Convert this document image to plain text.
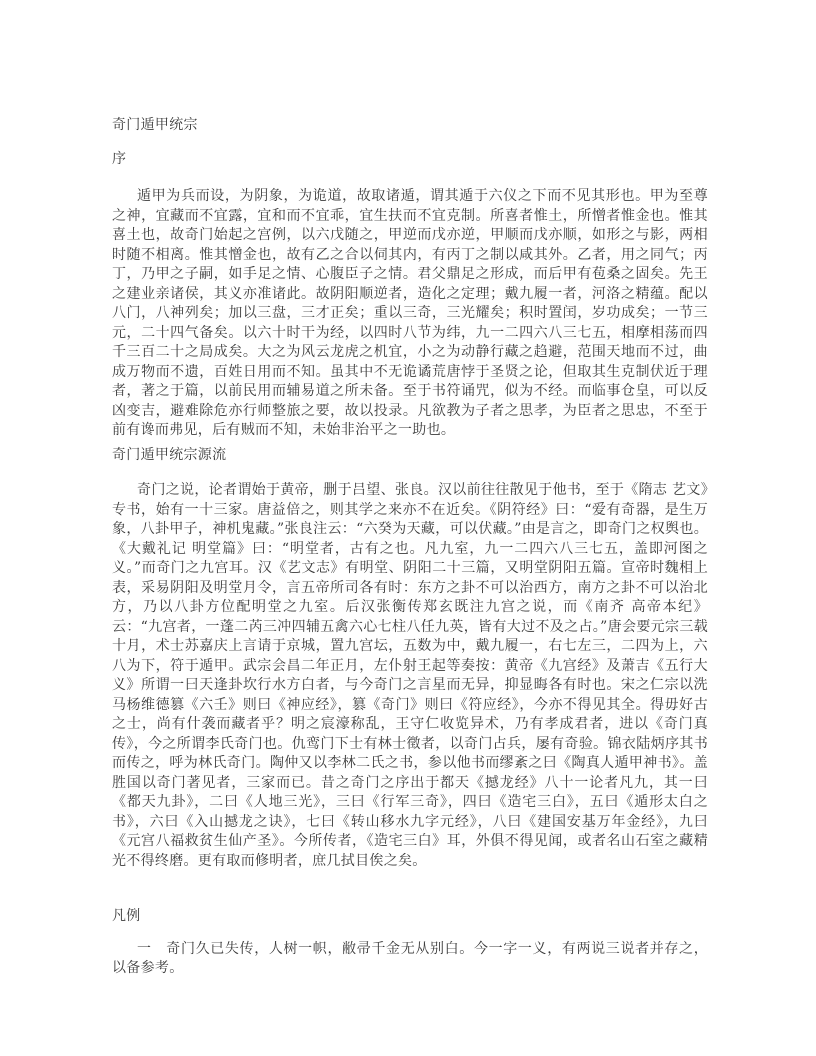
奇门遁甲统宗
序

遁甲为兵而设，为阴象，为诡道，故取诸遁，谓其遁于六仪之下而不见其形也。甲为至尊之神，宜藏而不宜露，宜和而不宜乖，宜生扶而不宜克制。所喜者惟土，所憎者惟金也。惟其喜土也，故奇门始起之宫例，以六戊随之，甲逆而戊亦逆，甲顺而戊亦顺，如形之与影，两相时随不相离。惟其憎金也，故有乙之合以伺其内，有丙丁之制以咸其外。乙者，用之同气；丙丁，乃甲之子嗣，如手足之情、心腹臣子之情。君父鼎足之形成，而后甲有苞桑之固矣。先王之建业亲诸侯，其义亦准诸此。故阴阳顺逆者，造化之定理；戴九履一者，河洛之精蕴。配以八门，八神列矣；加以三盘，三才正矣；重以三奇，三光耀矣；积时置闰，岁功成矣；一节三元，二十四气备矣。以六十时干为经，以四时八节为纬，九一二四六八三七五，相摩相荡而四千三百二十之局成矣。大之为风云龙虎之机宜，小之为动静行藏之趋避，范围天地而不过，曲成万物而不遗，百姓日用而不知。虽其中不无诡谲荒唐悖于圣贤之论，但取其生克制伏近于理者，著之于篇，以前民用而辅易道之所未备。至于书符诵咒，似为不经。而临事仓皇，可以反凶变吉，避难除危亦行师整旅之要，故以投录。凡欲教为子者之思孝，为臣者之思忠，不至于前有谗而弗见，后有贼而不知，未始非治平之一助也。

奇门遁甲统宗源流

奇门之说，论者谓始于黄帝，删于吕望、张良。汉以前往往散见于他书，至于《隋志 艺文》专书，始有一十三家。唐益倍之，则其学之来亦不在近矣。《阴符经》曰：“爱有奇器，是生万象，八卦甲子，神机鬼藏。”张良注云：“六癸为天藏，可以伏藏。”由是言之，即奇门之权舆也。《大戴礼记 明堂篇》曰：“明堂者，古有之也。凡九室，九一二四六八三七五，盖即河图之义。”而奇门之九宫耳。汉《艺文志》有明堂、阴阳二十三篇，又明堂阴阳五篇。宣帝时魏相上表，采易阴阳及明堂月令，言五帝所司各有时：东方之卦不可以治西方，南方之卦不可以治北方，乃以八卦方位配明堂之九室。后汉张衡传郑玄既注九宫之说，而《南齐 高帝本纪》云：“九宫者，一蓬二芮三冲四辅五禽六心七柱八任九英，皆有大过不及之占。”唐会要元宗三载十月，术士苏嘉庆上言请于京城，置九宫坛，五数为中，戴九履一，右七左三，二四为上，六八为下，符于遁甲。武宗会昌二年正月，左仆射王起等奏按：黄帝《九宫经》及萧吉《五行大义》所谓一曰天逢卦坎行水方白者，与今奇门之言星而无异，抑显晦各有时也。宋之仁宗以洗马杨维德篡《六壬》则曰《神应经》，篡《奇门》则曰《符应经》，今亦不得见其全。得毋好古之士，尚有什袭而藏者乎？明之宸濠称乱，王守仁收览异术，乃有孝成君者，进以《奇门真传》，今之所谓李氏奇门也。仇鸾门下士有林士徵者，以奇门占兵，屡有奇验。锦衣陆炳序其书而传之，呼为林氏奇门。陶仲又以李林二氏之书，参以他书而缪紊之曰《陶真人遁甲神书》。盖胜国以奇门著见者，三家而已。昔之奇门之序出于都天《撼龙经》八十一论者凡九，其一曰《都天九卦》，二曰《人地三光》，三曰《行军三奇》，四曰《造宅三白》，五曰《遁形太白之书》，六曰《入山撼龙之诀》，七曰《转山移水九字元经》，八曰《建国安基万年金经》，九曰《元宫八福救贫生仙产圣》。今所传者，《造宅三白》耳，外俱不得见闻，或者名山石室之藏精光不得终磨。更有取而修明者，庶几拭目俟之矣。

凡例

一　奇门久已失传，人树一帜，敝帚千金无从别白。今一字一义，有两说三说者并存之，以备参考。
